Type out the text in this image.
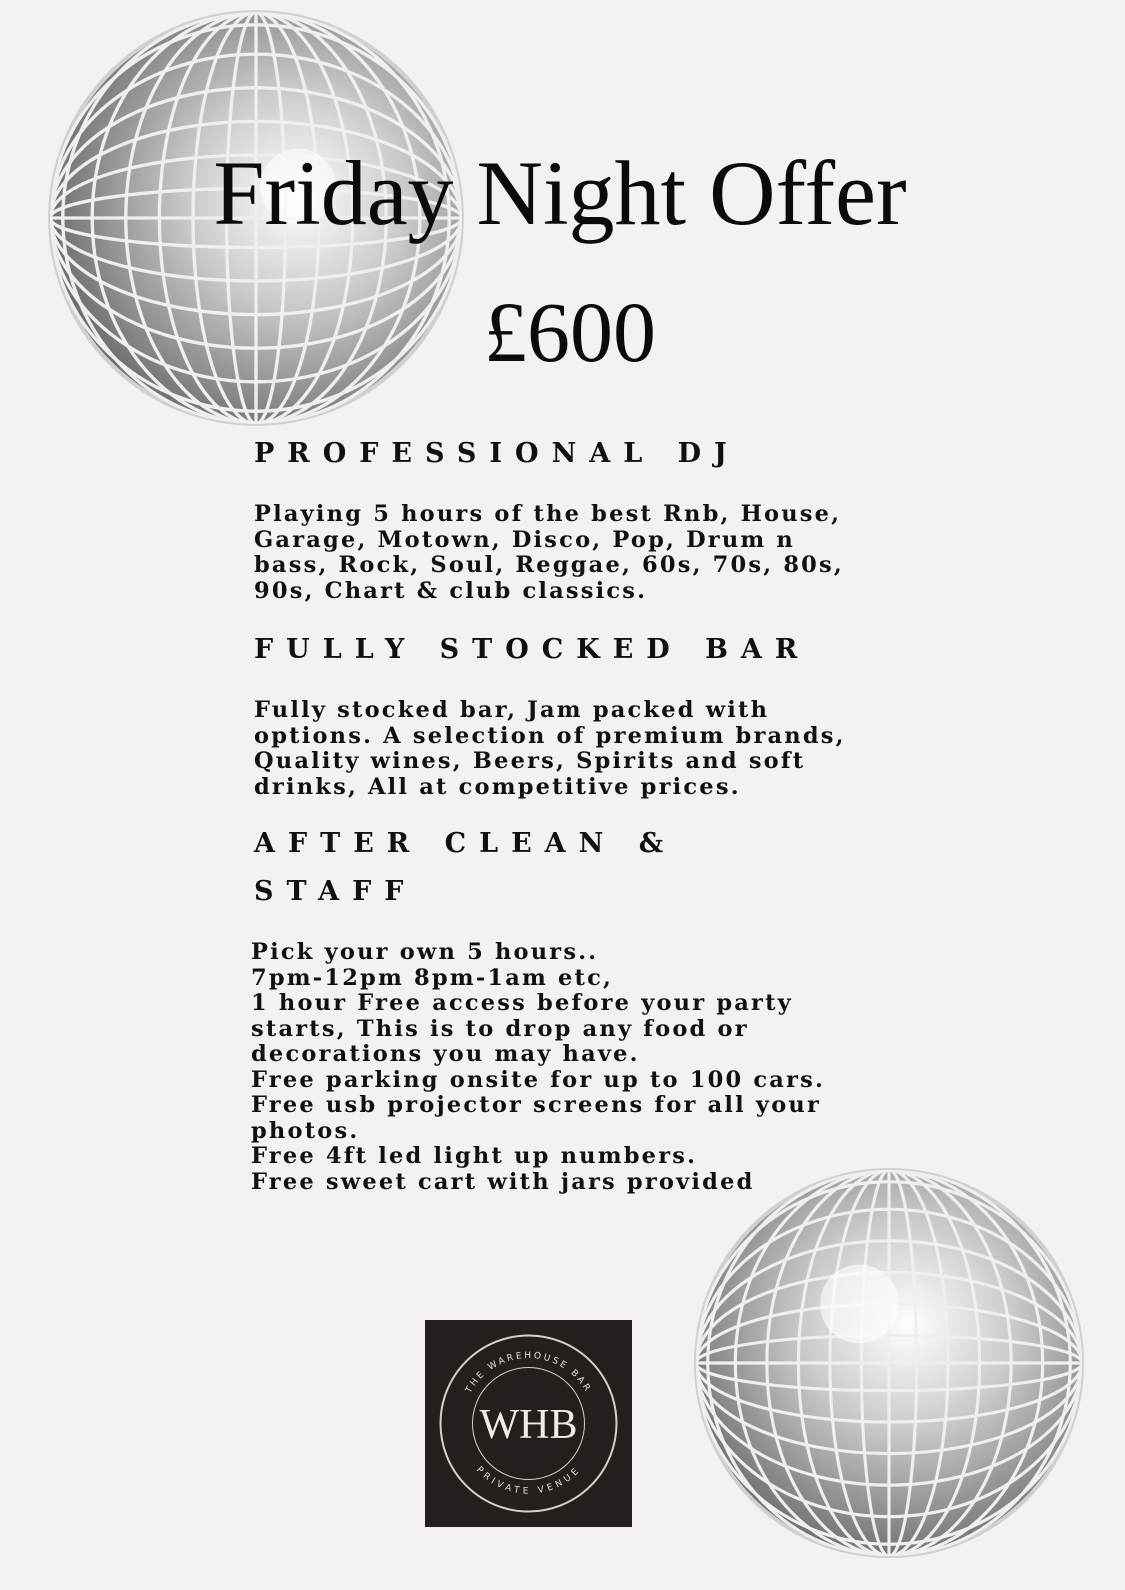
Friday Night Offer
£600
PROFESSIONAL DJ

Playing 5 hours of the best Rnb, House,
Garage, Motown, Disco, Pop, Drum n
bass, Rock, Soul, Reggae, 60s, 70s, 80s,
90s, Chart & club classics.

FULLY STOCKED BAR

Fully stocked bar, Jam packed with
options. A selection of premium brands,
Quality wines, Beers, Spirits and soft
drinks, All at competitive prices.

AFTER CLEAN & STAFF

Pick your own 5 hours..
7pm-12pm 8pm-1am etc,
1 hour Free access before your party
starts, This is to drop any food or
decorations you may have.
Free parking onsite for up to 100 cars.
Free usb projector screens for all your
photos.
Free 4ft led light up numbers.
Free sweet cart with jars provided

THE WAREHOUSE BAR
PRIVATE VENUE
WHB
